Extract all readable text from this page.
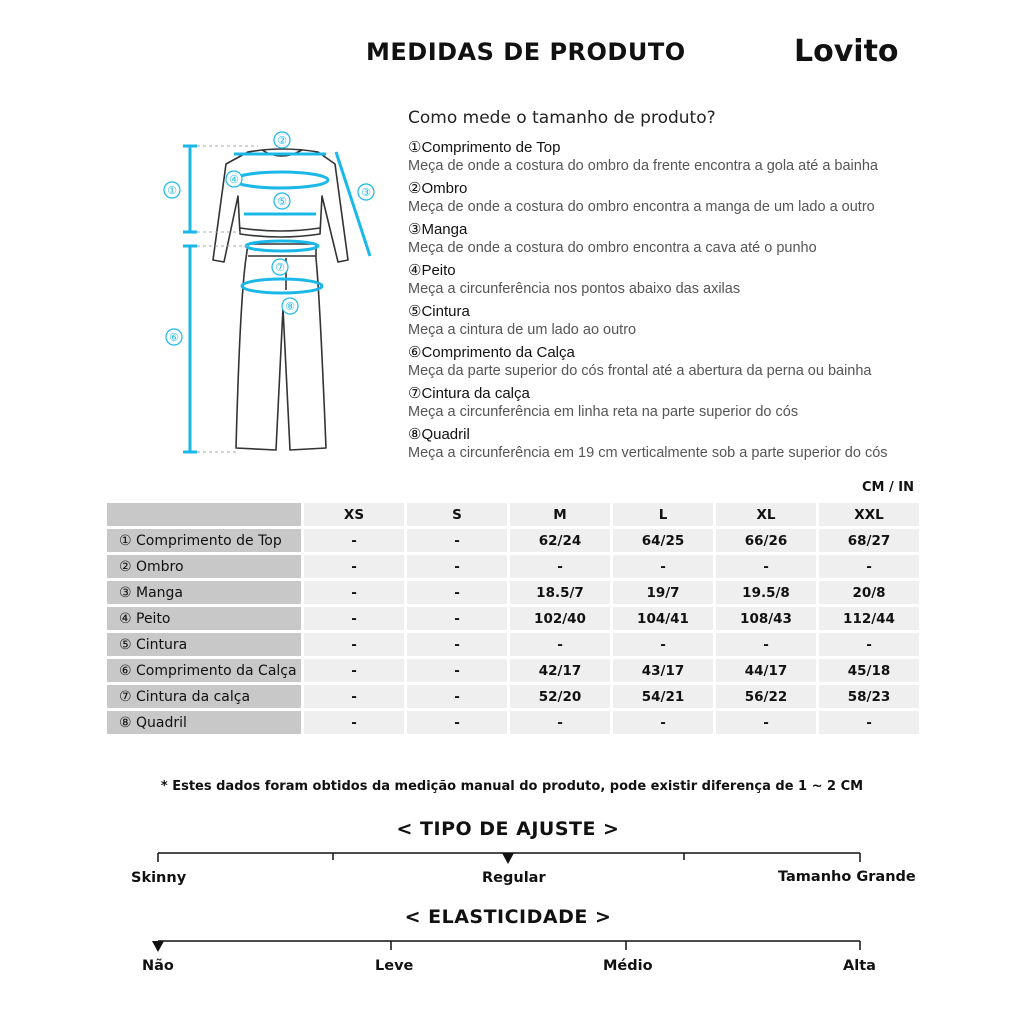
MEDIDAS DE PRODUTO	Lovito
①
②
③
④
⑤
⑥
⑦
⑧
Como mede o tamanho de produto?
①Comprimento de Top
Meça de onde a costura do ombro da frente encontra a gola até a bainha
②Ombro
Meça de onde a costura do ombro encontra a manga de um lado a outro
③Manga
Meça de onde a costura do ombro encontra a cava até o punho
④Peito
Meça a circunferência nos pontos abaixo das axilas
⑤Cintura
Meça a cintura de um lado ao outro
⑥Comprimento da Calça
Meça da parte superior do cós frontal até a abertura da perna ou bainha
⑦Cintura da calça
Meça a circunferência em linha reta na parte superior do cós
⑧Quadril
Meça a circunferência em 19 cm verticalmente sob a parte superior do cós
CM / IN
	XS	S	M	L	XL	XXL
① Comprimento de Top	-	-	62/24	64/25	66/26	68/27
② Ombro	-	-	-	-	-	-
③ Manga	-	-	18.5/7	19/7	19.5/8	20/8
④ Peito	-	-	102/40	104/41	108/43	112/44
⑤ Cintura	-	-	-	-	-	-
⑥ Comprimento da Calça	-	-	42/17	43/17	44/17	45/18
⑦ Cintura da calça	-	-	52/20	54/21	56/22	58/23
⑧ Quadril	-	-	-	-	-	-
* Estes dados foram obtidos da medição manual do produto, pode existir diferença de 1 ~ 2 CM
< TIPO DE AJUSTE >
Skinny	Regular	Tamanho Grande
< ELASTICIDADE >
Não	Leve	Médio	Alta
